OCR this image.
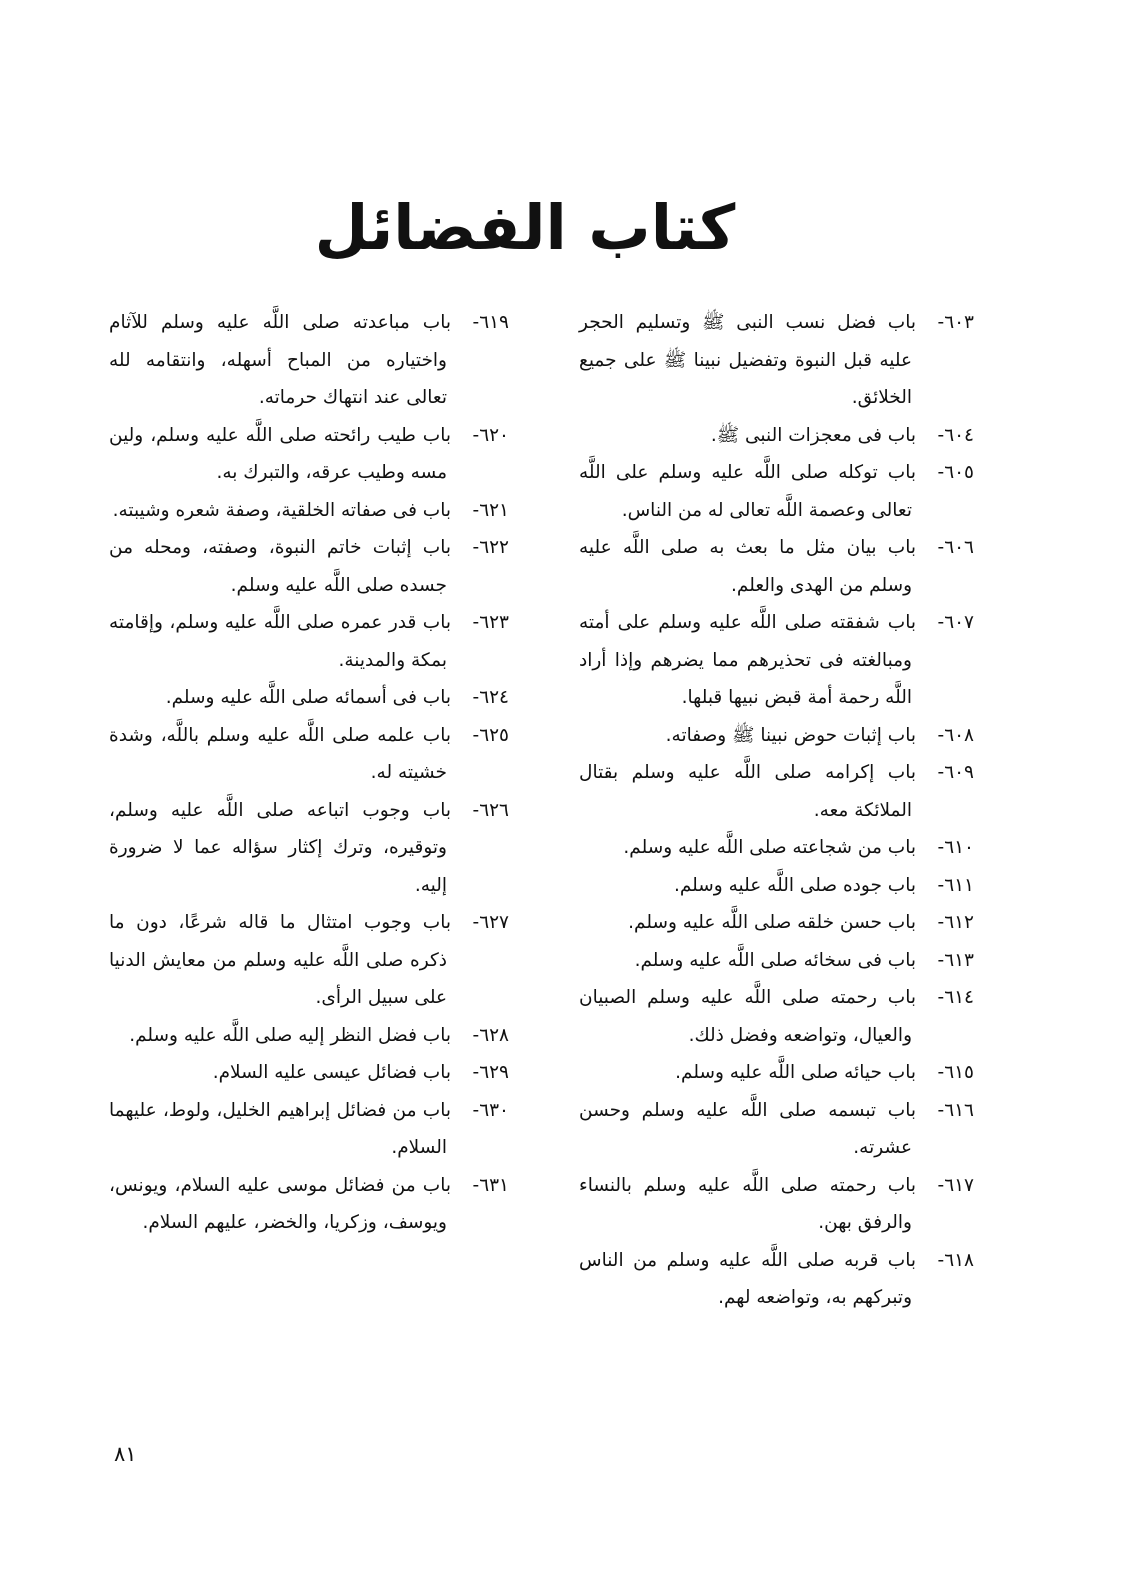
كتاب الفضائل
٦٠٣-باب فضل نسب النبى ﷺ وتسليم الحجر عليه قبل النبوة وتفضيل نبينا ﷺ على جميع الخلائق.
٦٠٤-باب فى معجزات النبى ﷺ.
٦٠٥-باب توكله صلى اللَّه عليه وسلم على اللَّه تعالى وعصمة اللَّه تعالى له من الناس.
٦٠٦-باب بيان مثل ما بعث به صلى اللَّه عليه وسلم من الهدى والعلم.
٦٠٧-باب شفقته صلى اللَّه عليه وسلم على أمته ومبالغته فى تحذيرهم مما يضرهم وإذا أراد اللَّه رحمة أمة قبض نبيها قبلها.
٦٠٨-باب إثبات حوض نبينا ﷺ وصفاته.
٦٠٩-باب إكرامه صلى اللَّه عليه وسلم بقتال الملائكة معه.
٦١٠-باب من شجاعته صلى اللَّه عليه وسلم.
٦١١-باب جوده صلى اللَّه عليه وسلم.
٦١٢-باب حسن خلقه صلى اللَّه عليه وسلم.
٦١٣-باب فى سخائه صلى اللَّه عليه وسلم.
٦١٤-باب رحمته صلى اللَّه عليه وسلم الصبيان والعيال، وتواضعه وفضل ذلك.
٦١٥-باب حيائه صلى اللَّه عليه وسلم.
٦١٦-باب تبسمه صلى اللَّه عليه وسلم وحسن عشرته.
٦١٧-باب رحمته صلى اللَّه عليه وسلم بالنساء والرفق بهن.
٦١٨-باب قربه صلى اللَّه عليه وسلم من الناس وتبركهم به، وتواضعه لهم.
٦١٩-باب مباعدته صلى اللَّه عليه وسلم للآثام واختياره من المباح أسهله، وانتقامه لله تعالى عند انتهاك حرماته.
٦٢٠-باب طيب رائحته صلى اللَّه عليه وسلم، ولين مسه وطيب عرقه، والتبرك به.
٦٢١-باب فى صفاته الخلقية، وصفة شعره وشيبته.
٦٢٢-باب إثبات خاتم النبوة، وصفته، ومحله من جسده صلى اللَّه عليه وسلم.
٦٢٣-باب قدر عمره صلى اللَّه عليه وسلم، وإقامته بمكة والمدينة.
٦٢٤-باب فى أسمائه صلى اللَّه عليه وسلم.
٦٢٥-باب علمه صلى اللَّه عليه وسلم باللَّه، وشدة خشيته له.
٦٢٦-باب وجوب اتباعه صلى اللَّه عليه وسلم، وتوقيره، وترك إكثار سؤاله عما لا ضرورة إليه.
٦٢٧-باب وجوب امتثال ما قاله شرعًا، دون ما ذكره صلى اللَّه عليه وسلم من معايش الدنيا على سبيل الرأى.
٦٢٨-باب فضل النظر إليه صلى اللَّه عليه وسلم.
٦٢٩-باب فضائل عيسى عليه السلام.
٦٣٠-باب من فضائل إبراهيم الخليل، ولوط، عليهما السلام.
٦٣١-باب من فضائل موسى عليه السلام، ويونس، ويوسف، وزكريا، والخضر، عليهم السلام.
٨١
